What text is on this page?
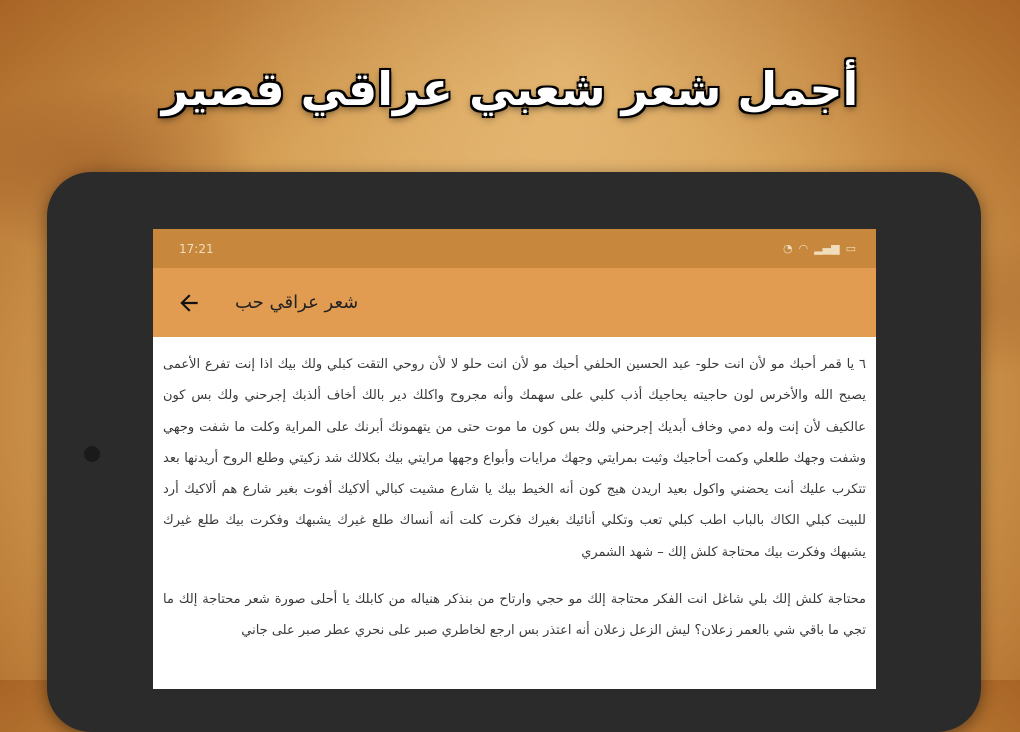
أجمل شعر شعبي عراقي قصير
17:21	◔ ◠ ▂▄▆ ▭
شعر عراقي حب

٦ يا قمر أحبك مو لأن انت حلو- عبد الحسين الحلفي أحبك مو لأن انت حلو لا لأن روحي التقت كبلي ولك بيك اذا إنت تفرع الأعمى يصبح الله والأخرس لون حاجيته يحاجيك أذب كلبي على سهمك وأنه مجروح واكلك دير بالك أخاف ألذبك إجرحني ولك بس كون عالكيف لأن إنت وله دمي وخاف أبديك إجرحني ولك بس كون ما موت حتى من يتهمونك أبرنك على المراية وكلت ما شفت وجهي وشفت وجهك طلعلي وكمت أحاجيك وثيت بمرايتي وجهك مرايات وأبواع وجهها مرايتي بيك بكلالك شد زكيتي وطلع الروح أريدنها بعد تتكرب عليك أنت يحضني واكول بعيد اريدن هيج كون أنه الخيط بيك يا شارع مشيت كبالي ألاكيك أفوت بغير شارع هم ألاكيك أرد للبيت كبلي الكاك بالباب اطب كبلي تعب وتكلي أنائيك بغيرك فكرت كلت أنه أنساك طلع غيرك يشبهك وفكرت بيك طلع غيرك يشبهك وفكرت بيك محتاجة كلش إلك – شهد الشمري

محتاجة كلش إلك بلي شاغل انت الفكر محتاجة إلك مو حجي وارتاح من بنذكر هنياله من كابلك يا أحلى صورة شعر محتاجة إلك ما تجي ما باقي شي بالعمر زعلان؟ ليش الزعل زعلان أنه اعتذر بس ارجع لخاطري صبر على نحري عطر صبر على جاني
